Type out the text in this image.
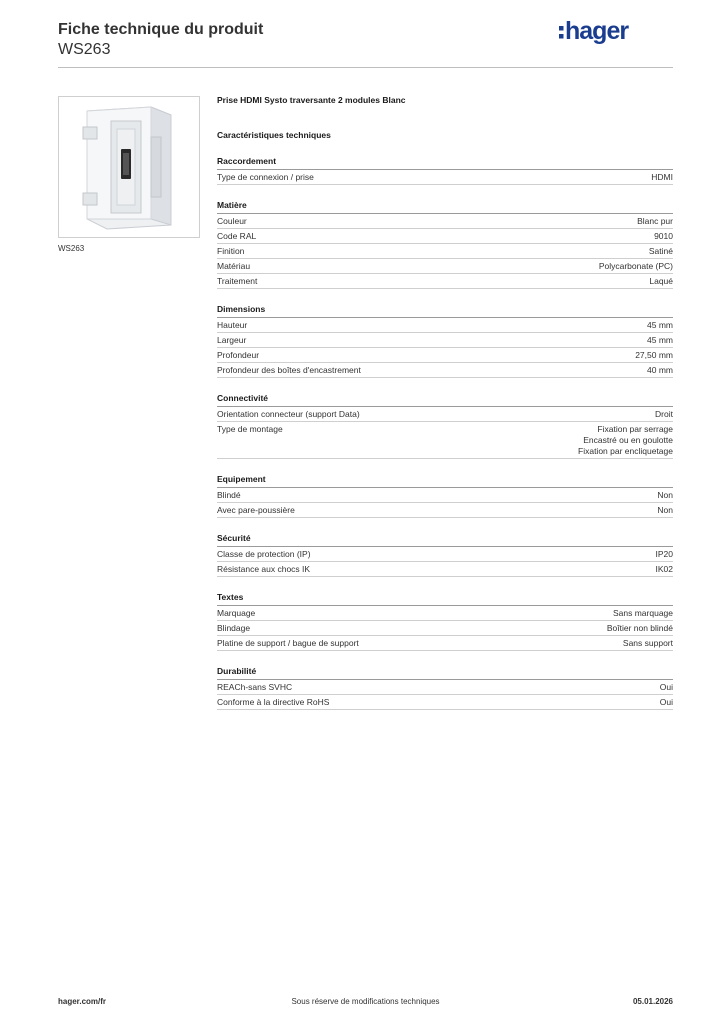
Fiche technique du produit
WS263
hager
WS263
Prise HDMI Systo traversante 2 modules Blanc
Caractéristiques techniques
Raccordement
Type de connexion / prise	HDMI
Matière
Couleur	Blanc pur
Code RAL	9010
Finition	Satiné
Matériau	Polycarbonate (PC)
Traitement	Laqué
Dimensions
Hauteur	45 mm
Largeur	45 mm
Profondeur	27,50 mm
Profondeur des boîtes d'encastrement	40 mm
Connectivité
Orientation connecteur (support Data)	Droit
Type de montage	Fixation par serrage
Encastré ou en goulotte
Fixation par encliquetage
Equipement
Blindé	Non
Avec pare-poussière	Non
Sécurité
Classe de protection (IP)	IP20
Résistance aux chocs IK	IK02
Textes
Marquage	Sans marquage
Blindage	Boîtier non blindé
Platine de support / bague de support	Sans support
Durabilité
REACh-sans SVHC	Oui
Conforme à la directive RoHS	Oui
hager.com/fr	Sous réserve de modifications techniques	05.01.2026
